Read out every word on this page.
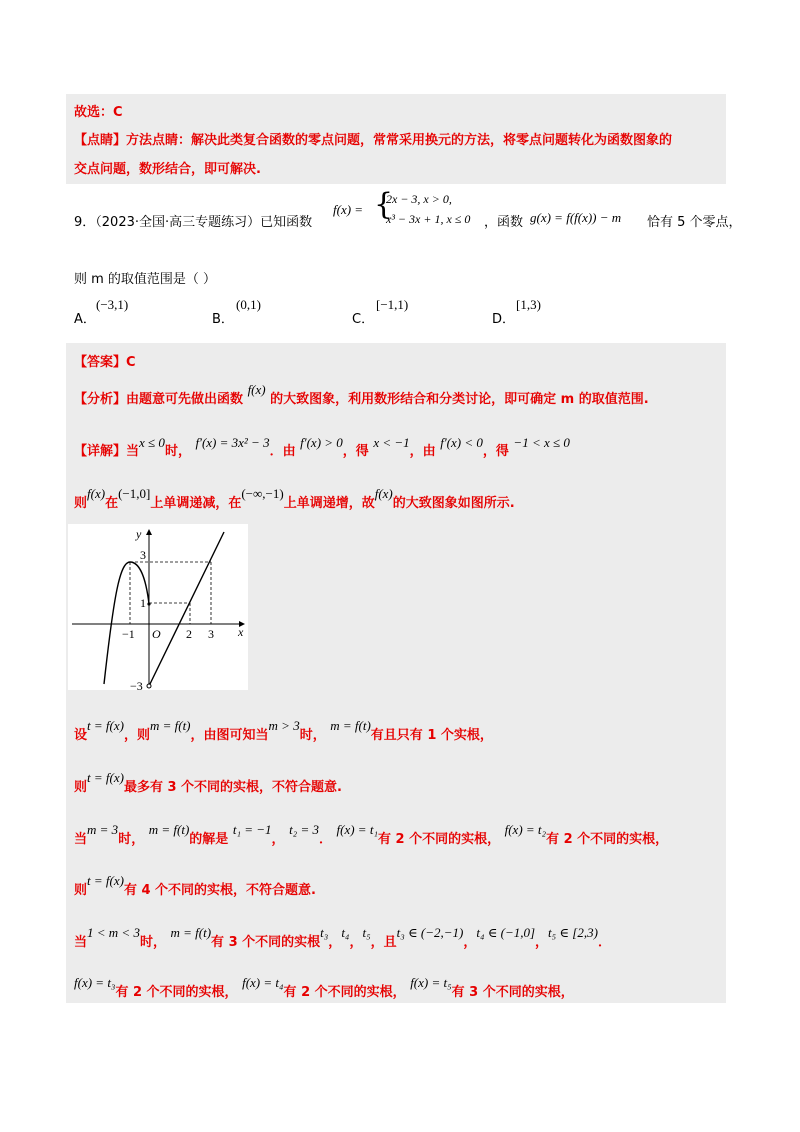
故选：C
【点睛】方法点睛：解决此类复合函数的零点问题，常常采用换元的方法，将零点问题转化为函数图象的
交点问题，数形结合，即可解决.
9．（2023·全国·高三专题练习）已知函数
f(x) = {
2x − 3, x > 0,
x³ − 3x + 1, x ≤ 0 ，函数 g(x) = f(f(x)) − m 恰有 5 个零点，
则 m 的取值范围是（ ）
A．
(−3,1)
B．
(0,1)
C．
[−1,1)
D．
[1,3)
【答案】C
【分析】由题意可先做出函数 f(x) 的大致图象，利用数形结合和分类讨论，即可确定 m 的取值范围.
【详解】当x ≤ 0时， f′(x) = 3x² − 3．由 f′(x) > 0，得 x < −1，由 f′(x) < 0，得 −1 < x ≤ 0
则f(x)在(−1,0]上单调递减，在(−∞,−1)上单调递增，故f(x)的大致图象如图所示.
y
x
O
3
1
−3
−1	2 3
设t = f(x)，则m = f(t)，由图可知当m > 3时， m = f(t)有且只有 1 个实根，
则t = f(x)最多有 3 个不同的实根，不符合题意.
当m = 3时， m = f(t)的解是 t₁ = −1， t₂ = 3． f(x) = t₁有 2 个不同的实根， f(x) = t₂有 2 个不同的实根，
则t = f(x)有 4 个不同的实根，不符合题意.
当1 < m < 3时， m = f(t)有 3 个不同的实根t₃，t₄，t₅，且t₃ ∈ (−2,−1)，t₄ ∈ (−1,0]，t₅ ∈ [2,3)．
f(x) = t₃有 2 个不同的实根， f(x) = t₄有 2 个不同的实根， f(x) = t₅有 3 个不同的实根，
